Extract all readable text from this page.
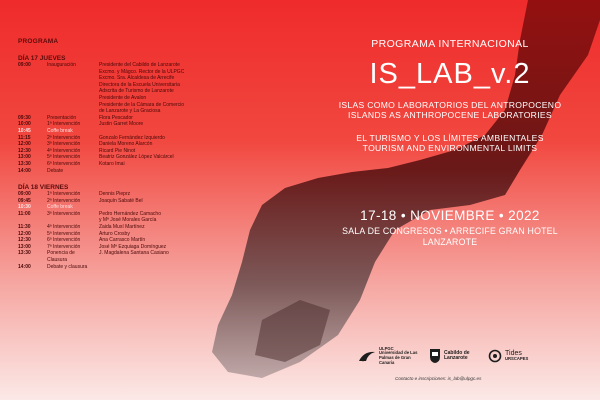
PROGRAMA
DÍA 17 JUEVES
09:00	Inauguración	Presidente del Cabildo de Lanzarote
Excmo. y Mágco. Rector de la ULPGC
Excmo. Sra. Alcaldesa de Arrecife
Directora de la Escuela Universitaria
Adscrita de Turismo de Lanzarote
Presidente de Avalon
Presidente de la Cámara de Comercio
de Lanzarote y La Graciosa
09:30	Presentación	Flora Pescador
10:00	1ª Intervención	Justin Garret Moore
10:45	Coffe break
11:15	2ª Intervención	Gonzalo Fernández Izquierdo
12:00	3ª Intervención	Daniela Moreno Alarcón
12:30	4ª Intervención	Ricard Pie Ninot
13:00	5ª Intervención	Beatriz González López Valcárcel
13:30	6ª Intervención	Kotaro Imai
14:00	Debate
DÍA 18 VIERNES
09:00	1ª Intervención	Dennis Pieprz
09:45	2ª Intervención	Joaquín Sabaté Bel
10:30	Coffe break
11:00	3ª Intervención	Pedro Hernández Camacho
y Mª José Morales García
11:30	4ª Intervención	Zaida Muxí Martínez
12:00	5ª Intervención	Arturo Crosby
12:30	6ª Intervención	Ana Carrasco Martín
13:00	7ª Intervención	José Mª Ezquiaga Domínguez
13:30	Ponencia de	J. Magdalena Santana Casiano
Clausura
14:00	Debate y clausura
PROGRAMA INTERNACIONAL
IS_LAB_v.2
ISLAS COMO LABORATORIOS DEL ANTROPOCENO
ISLANDS AS ANTHROPOCENE LABORATORIES
EL TURISMO Y LOS LÍMITES AMBIENTALES
TOURISM AND ENVIRONMENTAL LIMITS
17-18 • NOVIEMBRE • 2022
SALA DE CONGRESOS • ARRECIFE GRAN HOTEL
LANZAROTE
ULPGC
Universidad de Las Palmas de Gran Canaria
Cabildo de Lanzarote
Tides
URSCAPES
Contacto e inscripciones: is_lab@ulpgc.es
